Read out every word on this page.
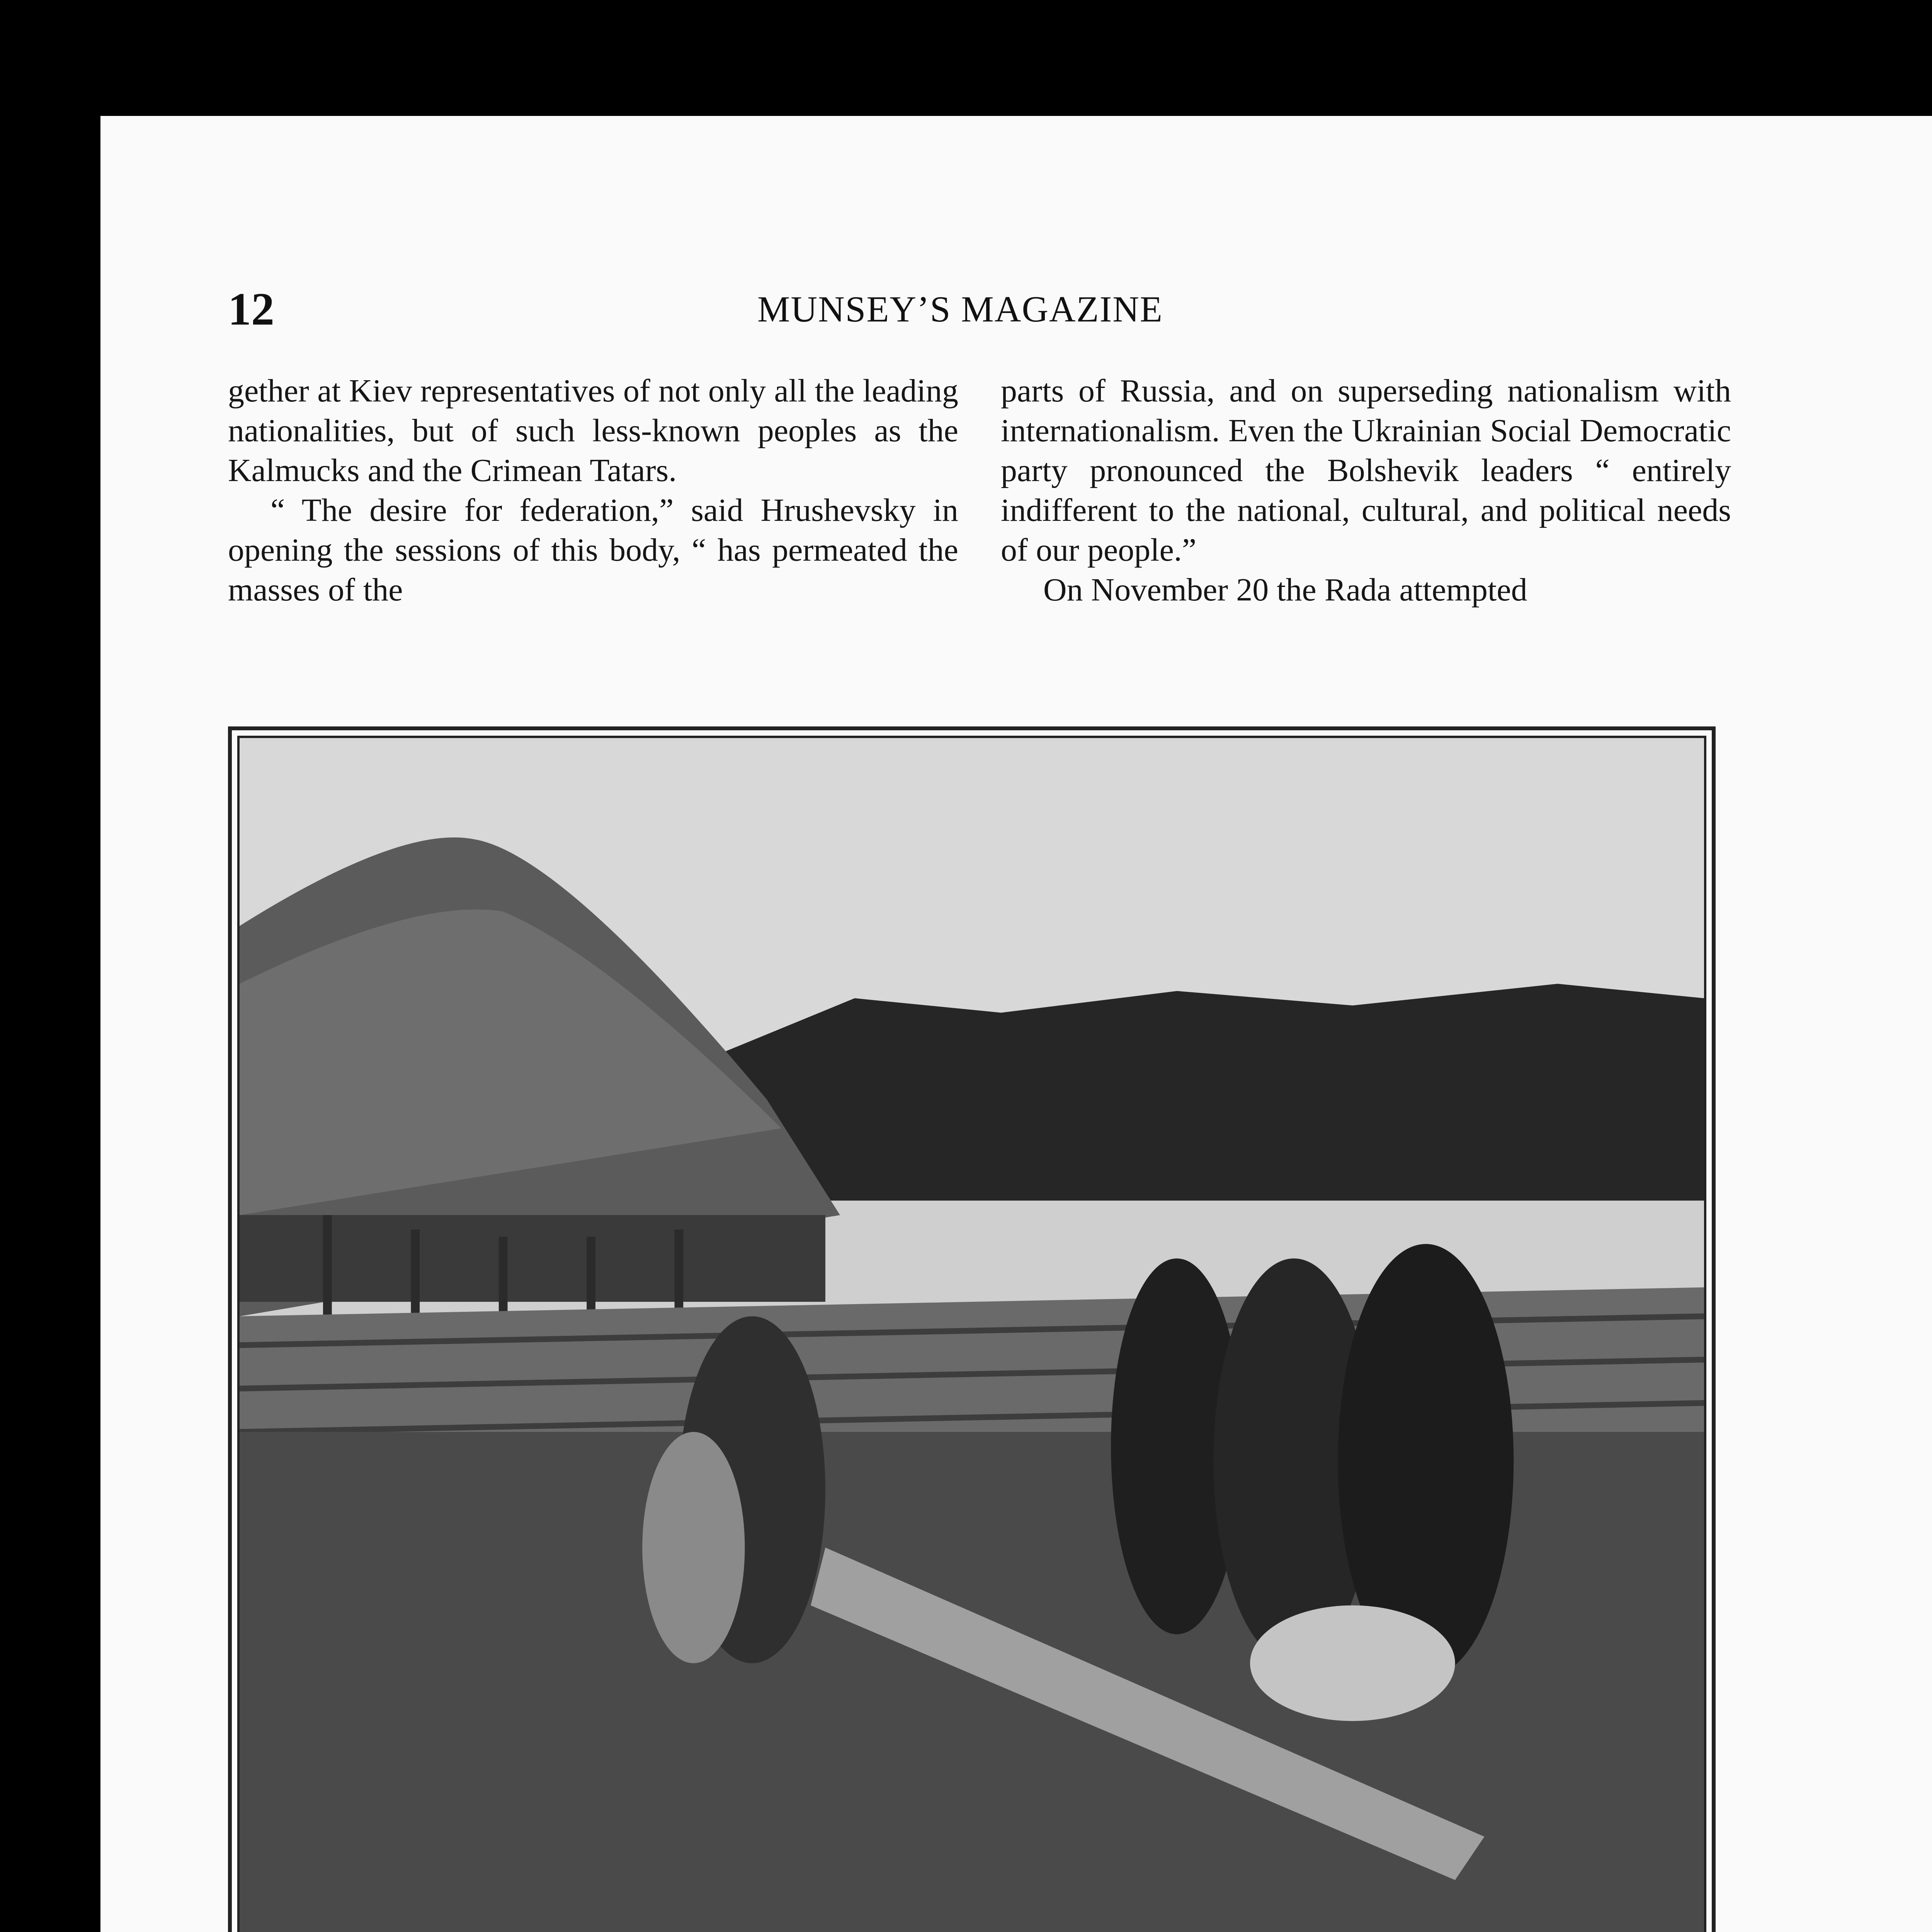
12	MUNSEY’S MAGAZINE

gether at Kiev representatives of not only all the leading nationalities, but of such less-known peoples as the Kalmucks and the Crimean Tatars.

“ The desire for federation,” said Hrushevsky in opening the sessions of this body, “ has permeated the masses of the

parts of Russia, and on superseding nationalism with internationalism. Even the Ukrainian Social Democratic party pronounced the Bolshevik leaders “ entirely indifferent to the national, cultural, and political needs of our people.”

On November 20 the Rada attempted
